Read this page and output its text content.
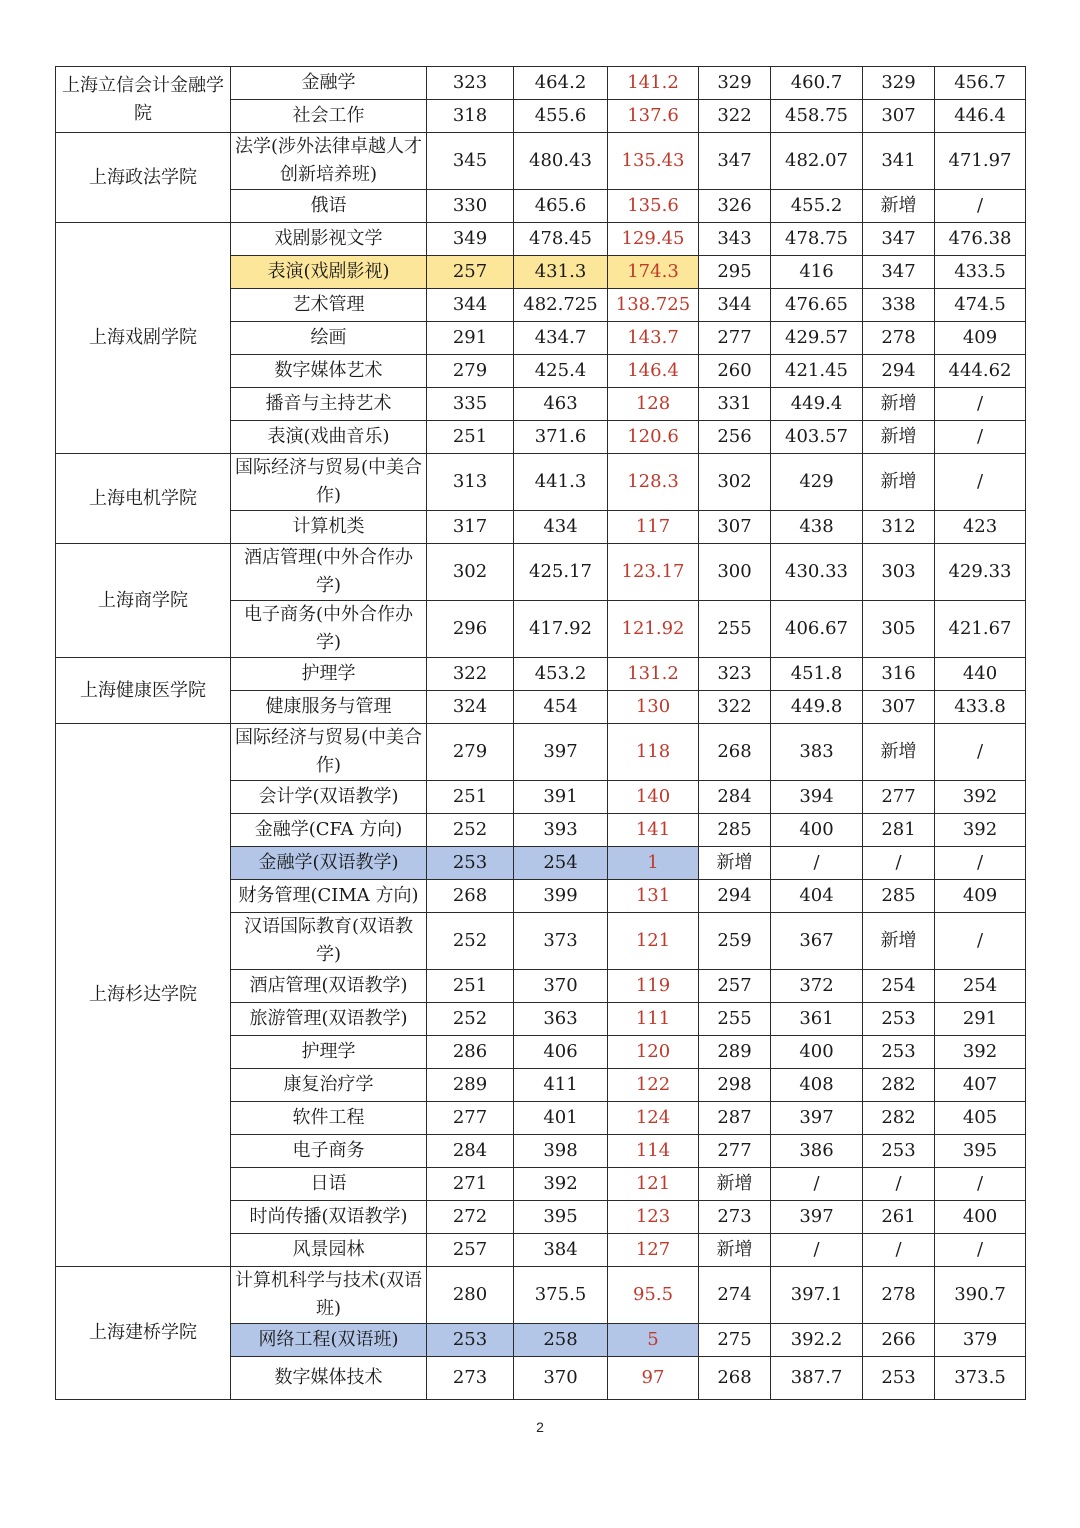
上海立信会计金融学院	金融学	323	464.2	141.2	329	460.7	329	456.7
	社会工作	318	455.6	137.6	322	458.75	307	446.4
上海政法学院	法学(涉外法律卓越人才创新培养班)	345	480.43	135.43	347	482.07	341	471.97
	俄语	330	465.6	135.6	326	455.2	新增	/
上海戏剧学院	戏剧影视文学	349	478.45	129.45	343	478.75	347	476.38
	表演(戏剧影视)	257	431.3	174.3	295	416	347	433.5
	艺术管理	344	482.725	138.725	344	476.65	338	474.5
	绘画	291	434.7	143.7	277	429.57	278	409
	数字媒体艺术	279	425.4	146.4	260	421.45	294	444.62
	播音与主持艺术	335	463	128	331	449.4	新增	/
	表演(戏曲音乐)	251	371.6	120.6	256	403.57	新增	/
上海电机学院	国际经济与贸易(中美合作)	313	441.3	128.3	302	429	新增	/
	计算机类	317	434	117	307	438	312	423
上海商学院	酒店管理(中外合作办学)	302	425.17	123.17	300	430.33	303	429.33
	电子商务(中外合作办学)	296	417.92	121.92	255	406.67	305	421.67
上海健康医学院	护理学	322	453.2	131.2	323	451.8	316	440
	健康服务与管理	324	454	130	322	449.8	307	433.8
上海杉达学院	国际经济与贸易(中美合作)	279	397	118	268	383	新增	/
	会计学(双语教学)	251	391	140	284	394	277	392
	金融学(CFA 方向)	252	393	141	285	400	281	392
	金融学(双语教学)	253	254	1	新增	/	/	/
	财务管理(CIMA 方向)	268	399	131	294	404	285	409
	汉语国际教育(双语教学)	252	373	121	259	367	新增	/
	酒店管理(双语教学)	251	370	119	257	372	254	254
	旅游管理(双语教学)	252	363	111	255	361	253	291
	护理学	286	406	120	289	400	253	392
	康复治疗学	289	411	122	298	408	282	407
	软件工程	277	401	124	287	397	282	405
	电子商务	284	398	114	277	386	253	395
	日语	271	392	121	新增	/	/	/
	时尚传播(双语教学)	272	395	123	273	397	261	400
	风景园林	257	384	127	新增	/	/	/
上海建桥学院	计算机科学与技术(双语班)	280	375.5	95.5	274	397.1	278	390.7
	网络工程(双语班)	253	258	5	275	392.2	266	379
	数字媒体技术	273	370	97	268	387.7	253	373.5
2
